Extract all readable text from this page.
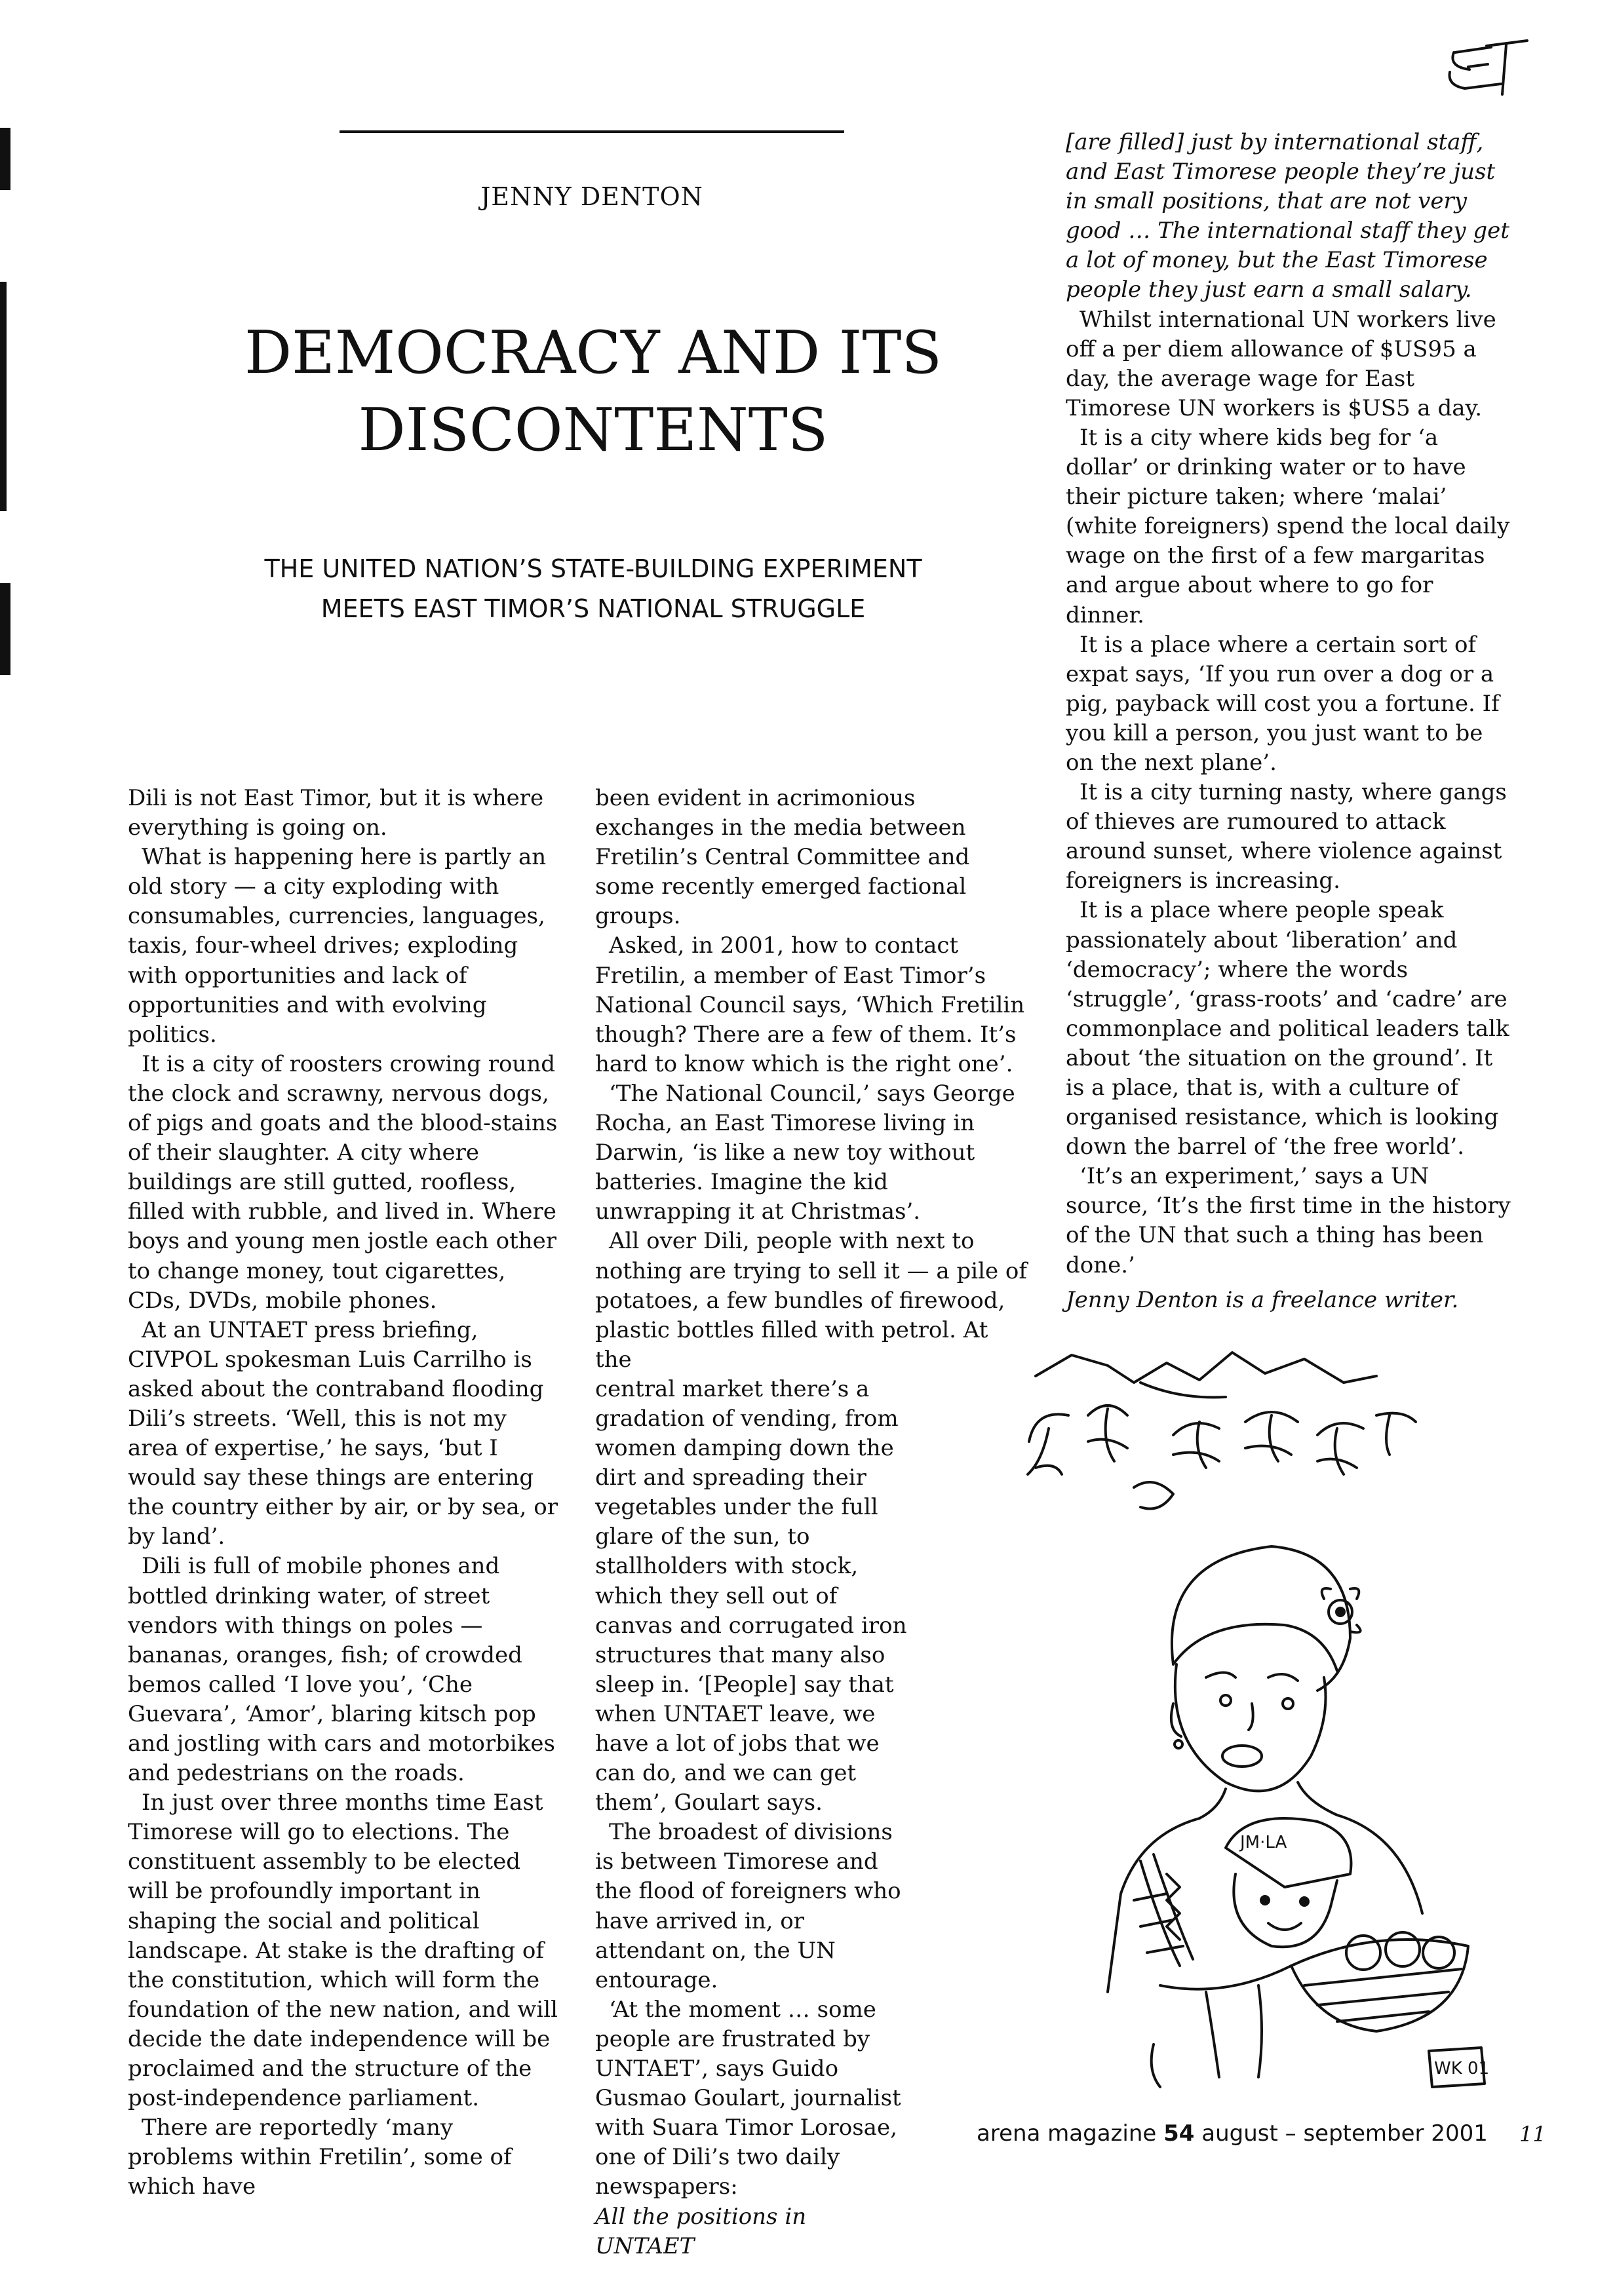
JENNY DENTON
DEMOCRACY AND ITS
DISCONTENTS
THE UNITED NATION’S STATE-BUILDING EXPERIMENT
MEETS EAST TIMOR’S NATIONAL STRUGGLE

Dili is not East Timor, but it is where everything is going on.

What is happening here is partly an old story — a city exploding with consumables, currencies, languages, taxis, four-wheel drives; exploding with opportunities and lack of opportunities and with evolving politics.

It is a city of roosters crowing round the clock and scrawny, nervous dogs, of pigs and goats and the blood-stains of their slaughter. A city where buildings are still gutted, roofless, filled with rubble, and lived in. Where boys and young men jostle each other to change money, tout cigarettes, CDs, DVDs, mobile phones.

At an UNTAET press briefing, CIVPOL spokesman Luis Carrilho is asked about the contraband flooding Dili’s streets. ‘Well, this is not my area of expertise,’ he says, ‘but I would say these things are entering the country either by air, or by sea, or by land’.

Dili is full of mobile phones and bottled drinking water, of street vendors with things on poles — bananas, oranges, fish; of crowded bemos called ‘I love you’, ‘Che Guevara’, ‘Amor’, blaring kitsch pop and jostling with cars and motorbikes and pedestrians on the roads.

In just over three months time East Timorese will go to elections. The constituent assembly to be elected will be profoundly important in shaping the social and political landscape. At stake is the drafting of the constitution, which will form the foundation of the new nation, and will decide the date independence will be proclaimed and the structure of the post-independence parliament.

There are reportedly ‘many problems within Fretilin’, some of which have

been evident in acrimonious exchanges in the media between Fretilin’s Central Committee and some recently emerged factional groups.

Asked, in 2001, how to contact Fretilin, a member of East Timor’s National Council says, ‘Which Fretilin though? There are a few of them. It’s hard to know which is the right one’.

‘The National Council,’ says George Rocha, an East Timorese living in Darwin, ‘is like a new toy without batteries. Imagine the kid unwrapping it at Christmas’.

All over Dili, people with next to nothing are trying to sell it — a pile of potatoes, a few bundles of firewood, plastic bottles filled with petrol. At the

central market there’s a gradation of vending, from women damping down the dirt and spreading their vegetables under the full glare of the sun, to stallholders with stock, which they sell out of canvas and corrugated iron structures that many also sleep in. ‘[People] say that when UNTAET leave, we have a lot of jobs that we can do, and we can get them’, Goulart says.

The broadest of divisions is between Timorese and the flood of foreigners who have arrived in, or attendant on, the UN entourage.

‘At the moment … some people are frustrated by UNTAET’, says Guido Gusmao Goulart, journalist with Suara Timor Lorosae, one of Dili’s two daily newspapers:

All the positions in UNTAET

[are filled] just by international staff, and East Timorese people they’re just in small positions, that are not very good … The international staff they get a lot of money, but the East Timorese people they just earn a small salary.

Whilst international UN workers live off a per diem allowance of $US95 a day, the average wage for East Timorese UN workers is $US5 a day.

It is a city where kids beg for ‘a dollar’ or drinking water or to have their picture taken; where ‘malai’ (white foreigners) spend the local daily wage on the first of a few margaritas and argue about where to go for dinner.

It is a place where a certain sort of expat says, ‘If you run over a dog or a pig, payback will cost you a fortune. If you kill a person, you just want to be on the next plane’.

It is a city turning nasty, where gangs of thieves are rumoured to attack around sunset, where violence against foreigners is increasing.

It is a place where people speak passionately about ‘liberation’ and ‘democracy’; where the words ‘struggle’, ‘grass-roots’ and ‘cadre’ are commonplace and political leaders talk about ‘the situation on the ground’. It is a place, that is, with a culture of organised resistance, which is looking down the barrel of ‘the free world’.

‘It’s an experiment,’ says a UN source, ‘It’s the first time in the history of the UN that such a thing has been done.’

Jenny Denton is a freelance writer.
JM·LA
WK 01
arena magazine 54 august – september 2001 11
